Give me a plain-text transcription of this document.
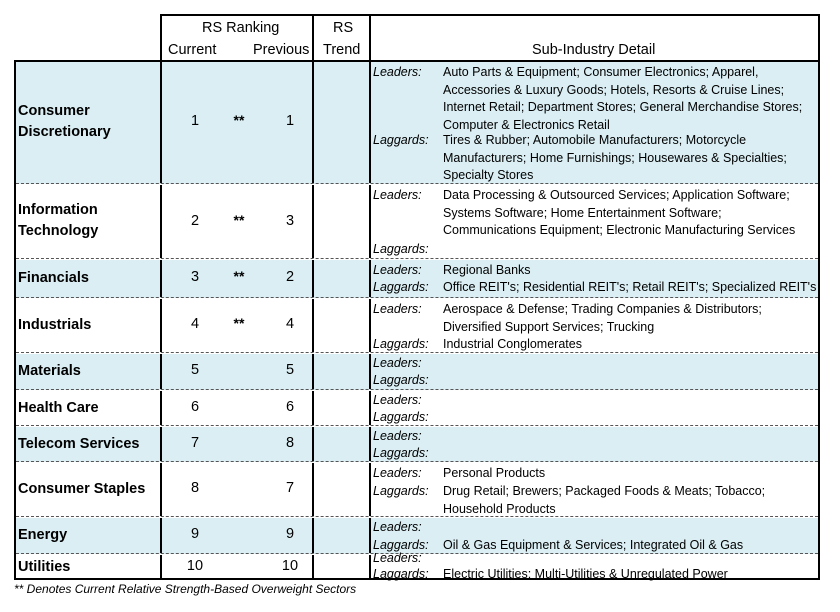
RS Ranking
Current	Previous
RS
Trend	Sub-Industry Detail
Consumer
Discretionary
1	**	1
Leaders: Auto Parts & Equipment; Consumer Electronics; Apparel,
Accessories & Luxury Goods; Hotels, Resorts & Cruise Lines;
Internet Retail; Department Stores; General Merchandise Stores;
Computer & Electronics Retail
Laggards: Tires & Rubber; Automobile Manufacturers; Motorcycle
Manufacturers; Home Furnishings; Housewares & Specialties;
Specialty Stores
Information
Technology
2	**	3
Leaders: Data Processing & Outsourced Services; Application Software;
Systems Software; Home Entertainment Software;
Communications Equipment; Electronic Manufacturing Services
Laggards:
Financials	3	**	2	Leaders: Regional Banks
Laggards: Office REIT's; Residential REIT's; Retail REIT's; Specialized REIT's
Industrials	4	**	4
Leaders: Aerospace & Defense; Trading Companies & Distributors;
Diversified Support Services; Trucking
Laggards: Industrial Conglomerates
Materials	5	5	Leaders:
Laggards:
Health Care	6	6	Leaders:
Laggards:
Telecom Services	7	8	Leaders:
Laggards:
Consumer Staples	8	7
Leaders: Personal Products
Laggards: Drug Retail; Brewers; Packaged Foods & Meats; Tobacco;
Household Products
Energy	9	9	Leaders:
Laggards: Oil & Gas Equipment & Services; Integrated Oil & Gas
Utilities	10	10	Leaders:
Laggards: Electric Utilities; Multi-Utilities & Unregulated Power
** Denotes Current Relative Strength-Based Overweight Sectors
